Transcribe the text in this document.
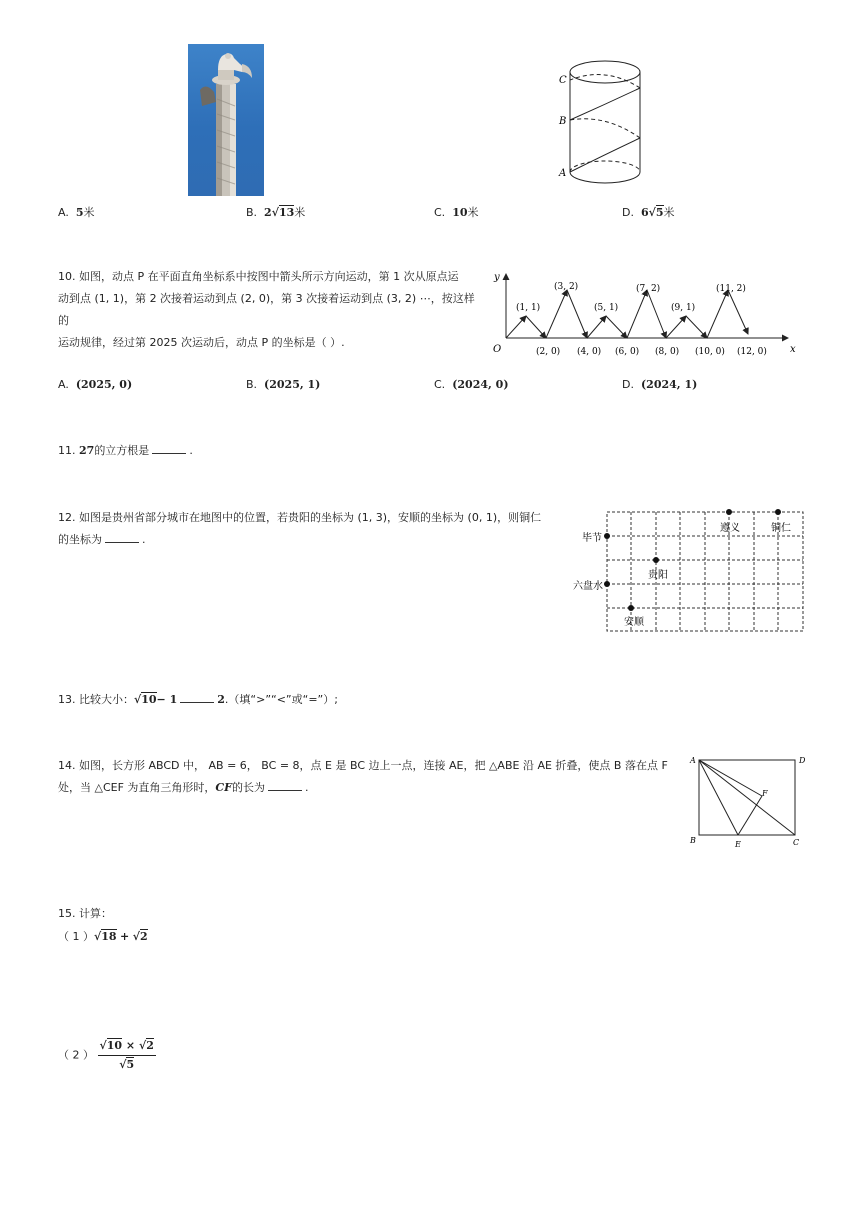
C
B
A
A. 5米	B. 2√13米	C. 10米	D. 6√5米
10. 如图，动点 P 在平面直角坐标系中按图中箭头所示方向运动，第 1 次从原点运
动到点 (1, 1)，第 2 次接着运动到点 (2, 0)，第 3 次接着运动到点 (3, 2) ⋯，按这样的
运动规律，经过第 2025 次运动后，动点 P 的坐标是（ ）.
y
x
O
(1, 1)
(3, 2)
(5, 1)
(7, 2)
(9, 1)
(11, 2)
(2, 0) (4, 0) (6, 0) (8, 0) (10, 0) (12, 0)
A. (2025, 0)	B. (2025, 1)	C. (2024, 0)	D. (2024, 1)
11. 27的立方根是	.
12. 如图是贵州省部分城市在地图中的位置，若贵阳的坐标为 (1, 3)，安顺的坐标为 (0, 1)，则铜仁
的坐标为	.
遵义	铜仁
毕节
贵阳
六盘水
安顺
13. 比较大小：√10− 1	2.（填“>”“<”或“=”）;
14. 如图，长方形 ABCD 中， AB = 6， BC = 8，点 E 是 BC 边上一点，连接 AE，把 △ABE 沿 AE 折叠，使点 B 落在点 F
处，当 △CEF 为直角三角形时，CF的长为	.
A	D
F
B	E	C
15. 计算：
（ 1 ）√18 + √2
（ 2 ） $\frac{√10 \times √2}{√5}$
